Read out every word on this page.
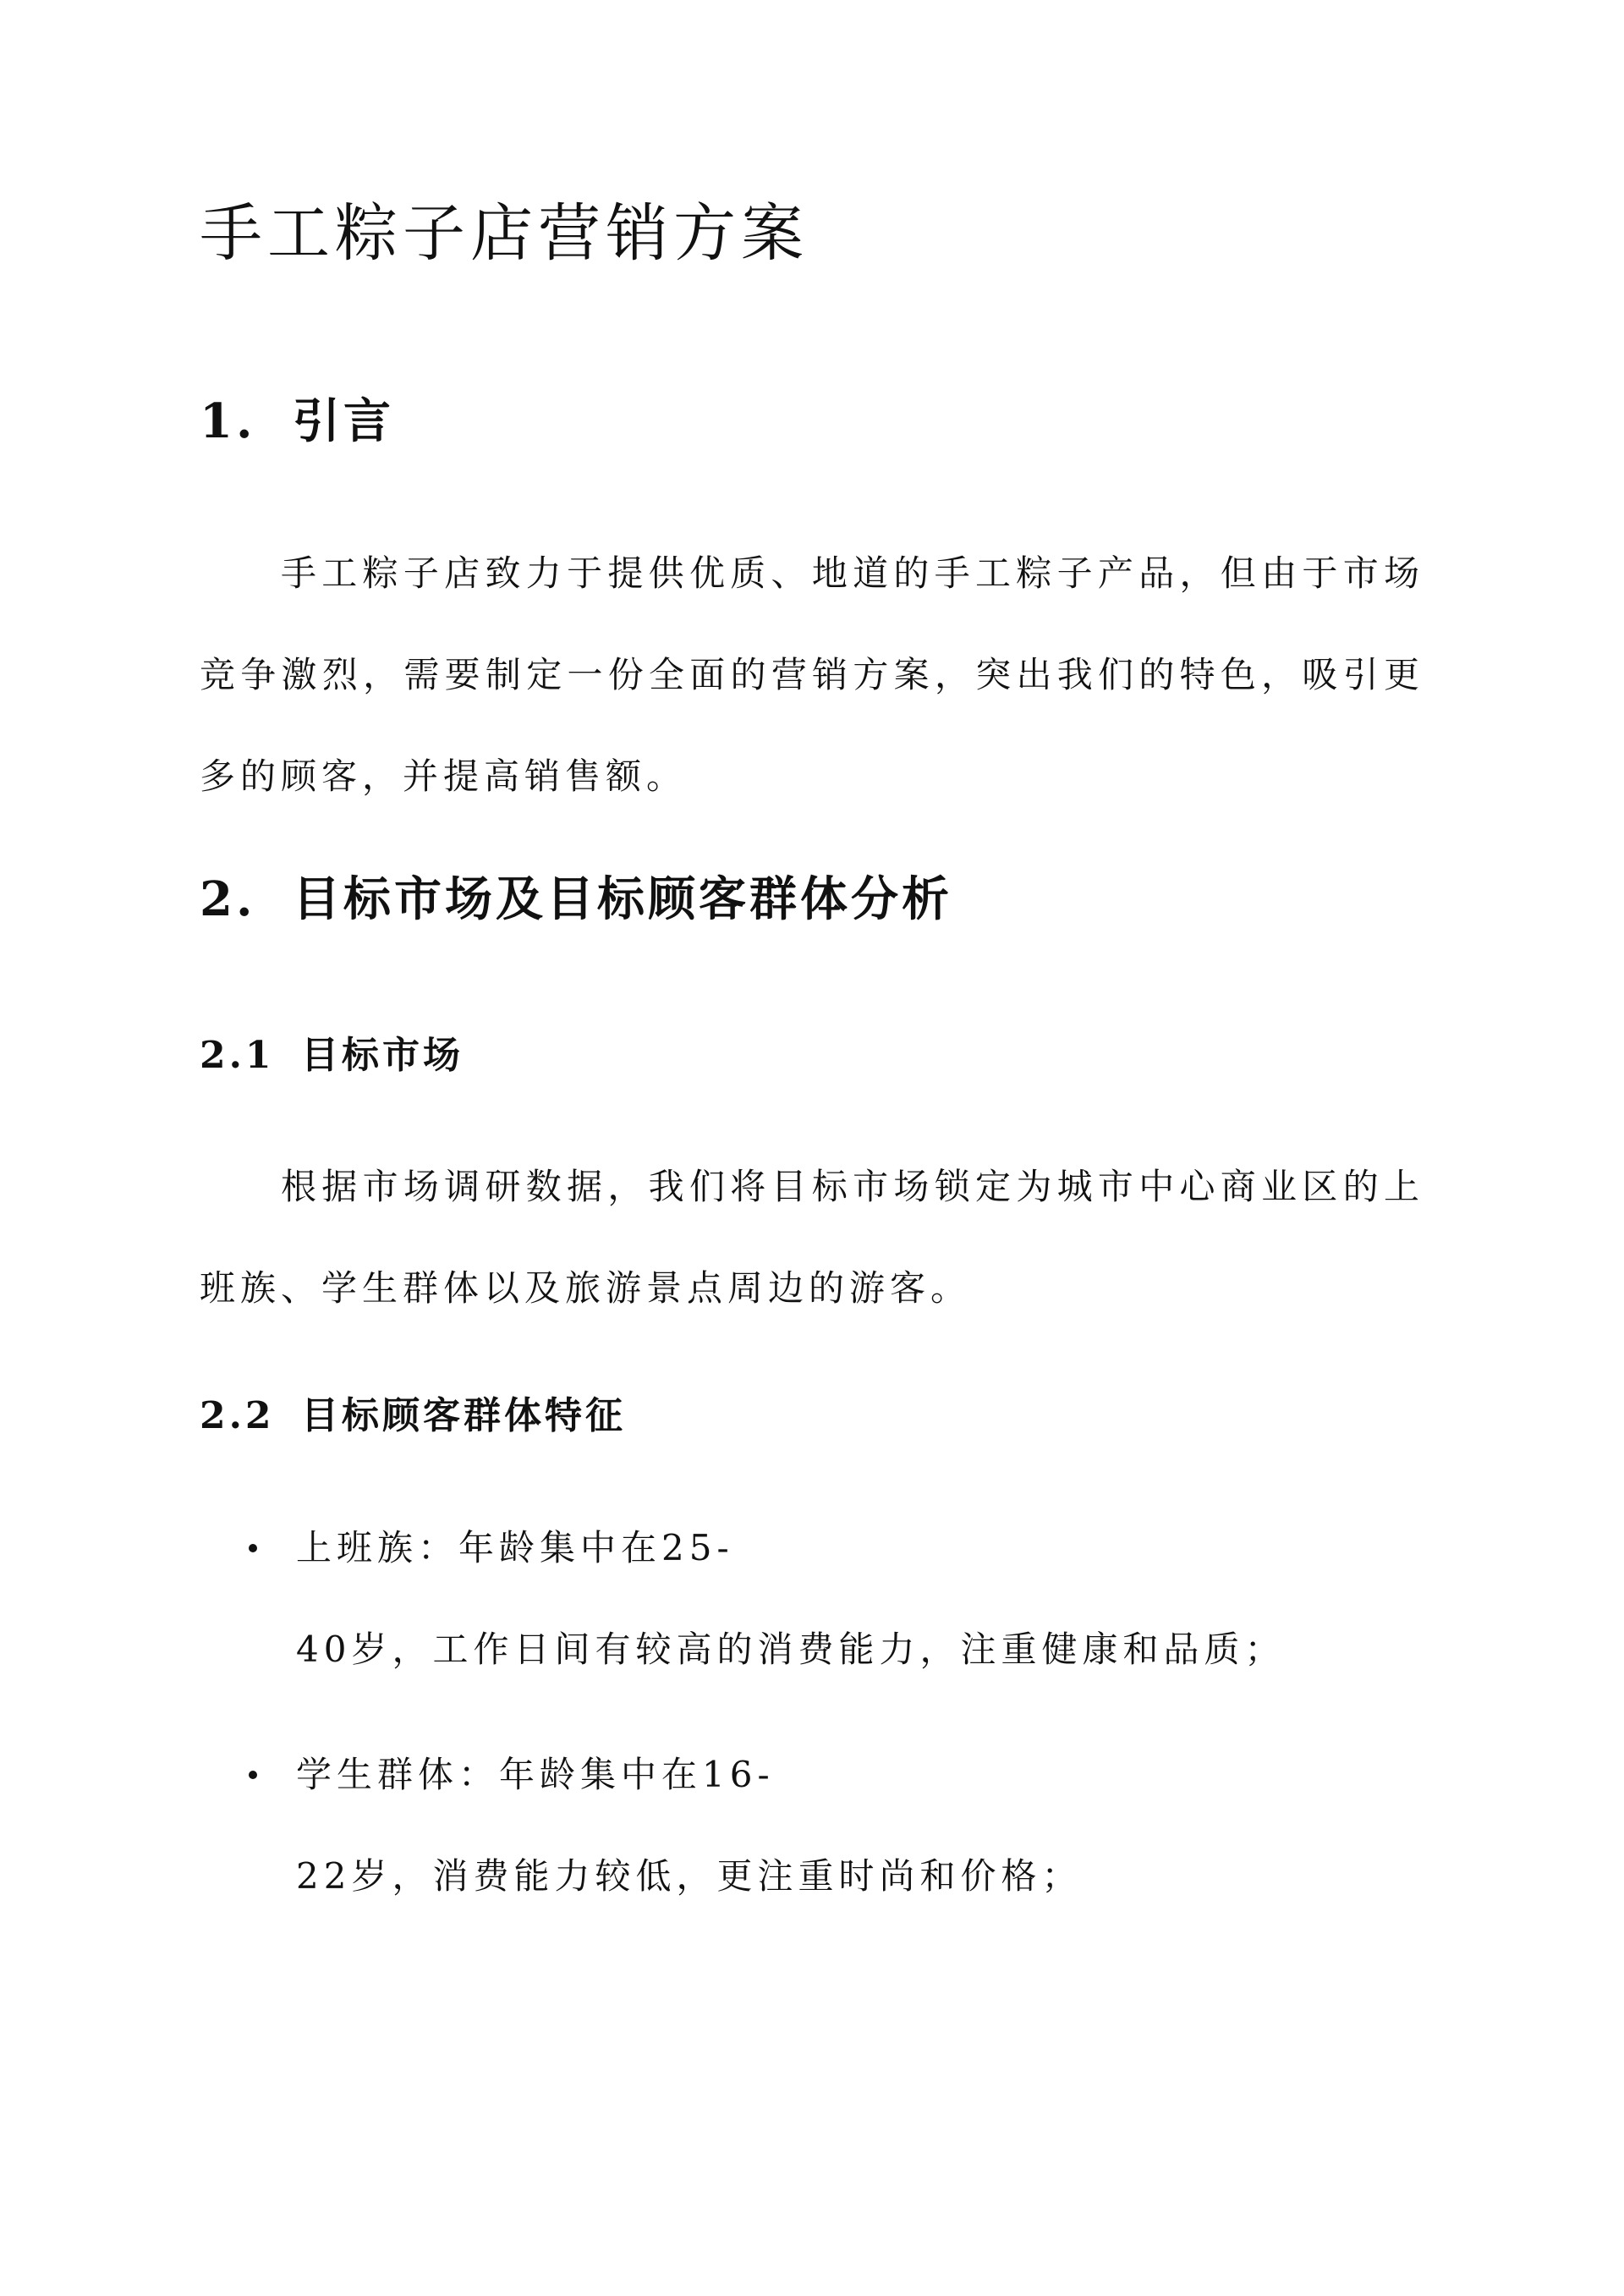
手工粽子店营销方案
1. 引言

手工粽子店致力于提供优质、地道的手工粽子产品，但由于市场竞争激烈，需要制定一份全面的营销方案，突出我们的特色，吸引更多的顾客，并提高销售额。

2. 目标市场及目标顾客群体分析
2.1 目标市场

根据市场调研数据，我们将目标市场锁定为城市中心商业区的上班族、学生群体以及旅游景点周边的游客。

2.2 目标顾客群体特征
上班族：年龄集中在25-
40岁，工作日间有较高的消费能力，注重健康和品质；
学生群体：年龄集中在16-
22岁，消费能力较低，更注重时尚和价格；
